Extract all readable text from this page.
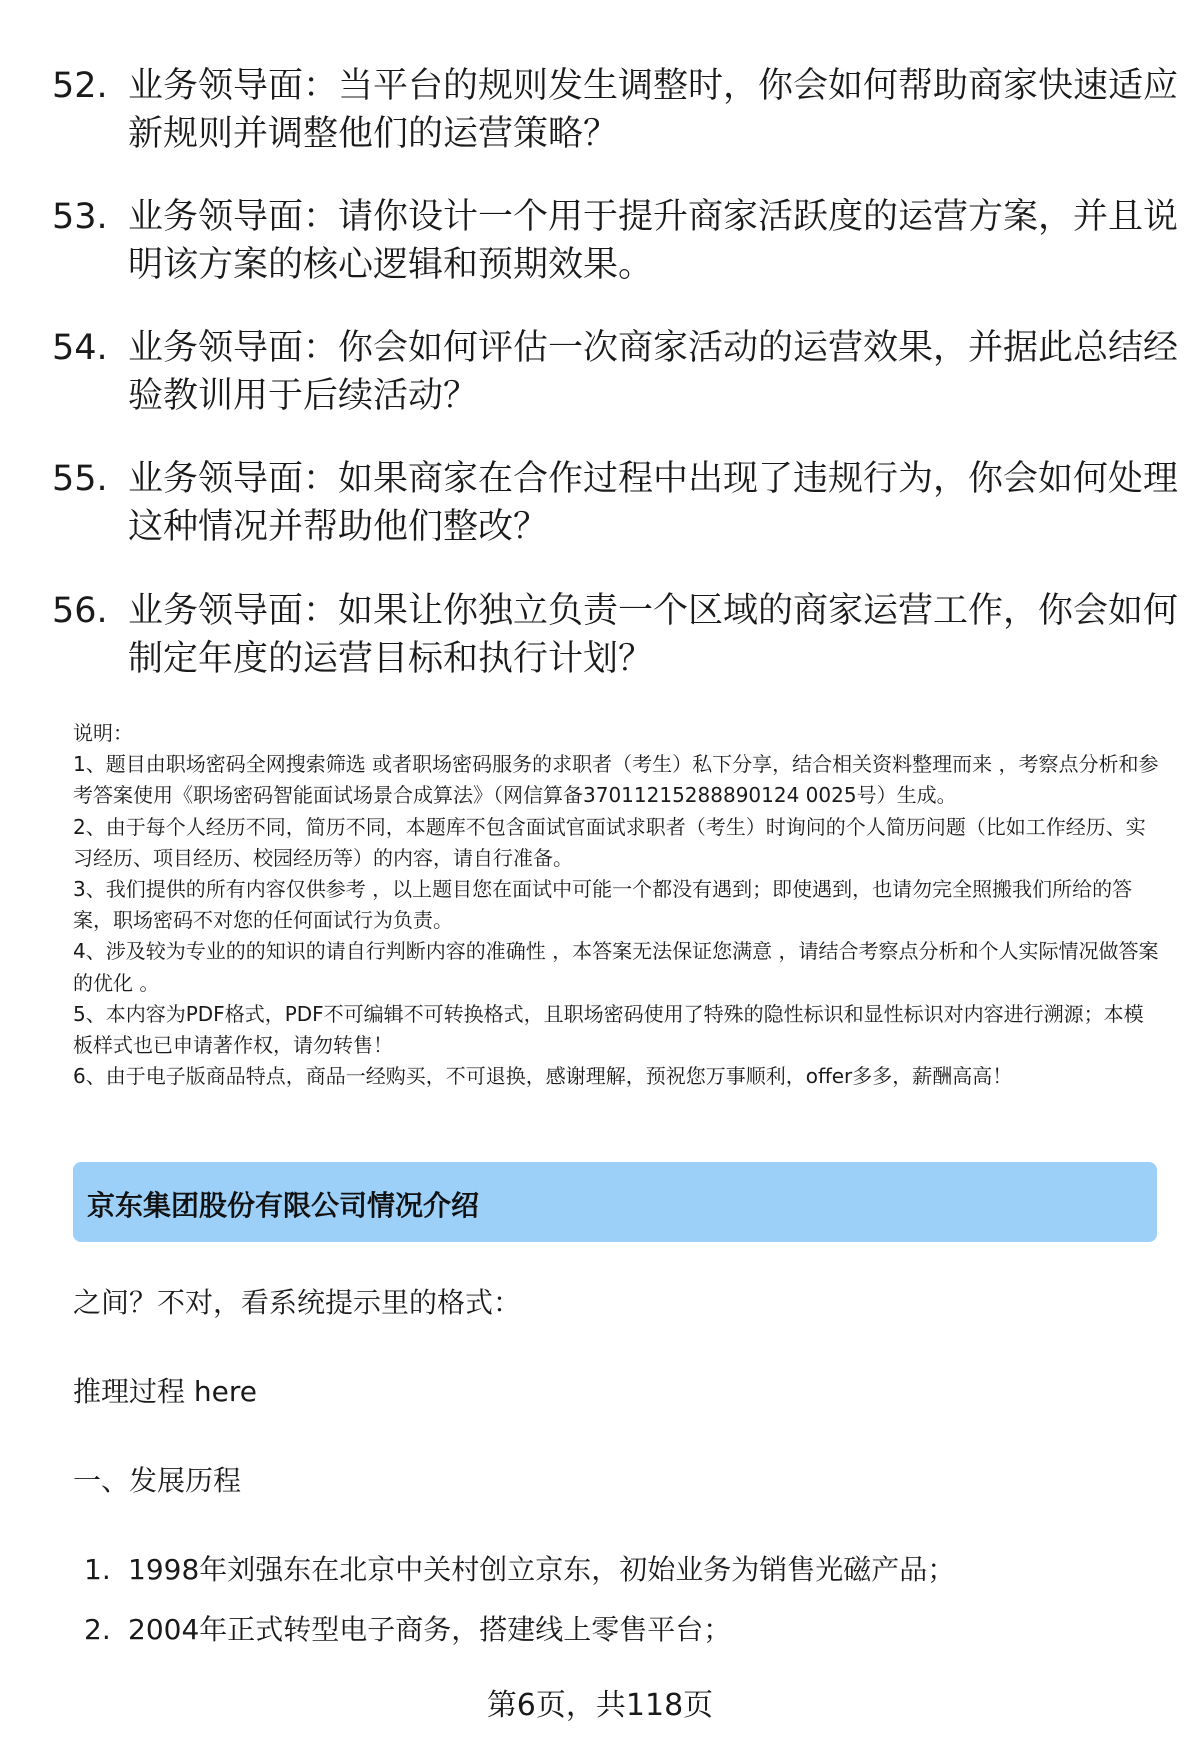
52. 业务领导面：当平台的规则发生调整时，你会如何帮助商家快速适应新规则并调整他们的运营策略？
53. 业务领导面：请你设计一个用于提升商家活跃度的运营方案，并且说明该方案的核心逻辑和预期效果。
54. 业务领导面：你会如何评估一次商家活动的运营效果，并据此总结经验教训用于后续活动？
55. 业务领导面：如果商家在合作过程中出现了违规行为，你会如何处理这种情况并帮助他们整改？
56. 业务领导面：如果让你独立负责一个区域的商家运营工作，你会如何制定年度的运营目标和执行计划？
说明：
1、题目由职场密码全网搜索筛选 或者职场密码服务的求职者（考生）私下分享，结合相关资料整理而来 ，考察点分析和参考答案使用《职场密码智能面试场景合成算法》（网信算备37011215288890124 0025号）生成。
2、由于每个人经历不同，简历不同，本题库不包含面试官面试求职者（考生）时询问的个人简历问题（比如工作经历、实习经历、项目经历、校园经历等）的内容，请自行准备。
3、我们提供的所有内容仅供参考 ，以上题目您在面试中可能一个都没有遇到；即使遇到，也请勿完全照搬我们所给的答案，职场密码不对您的任何面试行为负责。
4、涉及较为专业的的知识的请自行判断内容的准确性 ，本答案无法保证您满意 ，请结合考察点分析和个人实际情况做答案的优化 。
5、本内容为PDF格式，PDF不可编辑不可转换格式，且职场密码使用了特殊的隐性标识和显性标识对内容进行溯源；本模板样式也已申请著作权，请勿转售！
6、由于电子版商品特点，商品一经购买，不可退换，感谢理解，预祝您万事顺利，offer多多，薪酬高高！
京东集团股份有限公司情况介绍
之间？不对，看系统提示里的格式：
推理过程 here
一、发展历程
1. 1998年刘强东在北京中关村创立京东，初始业务为销售光磁产品；
2. 2004年正式转型电子商务，搭建线上零售平台；
第6页，共118页
